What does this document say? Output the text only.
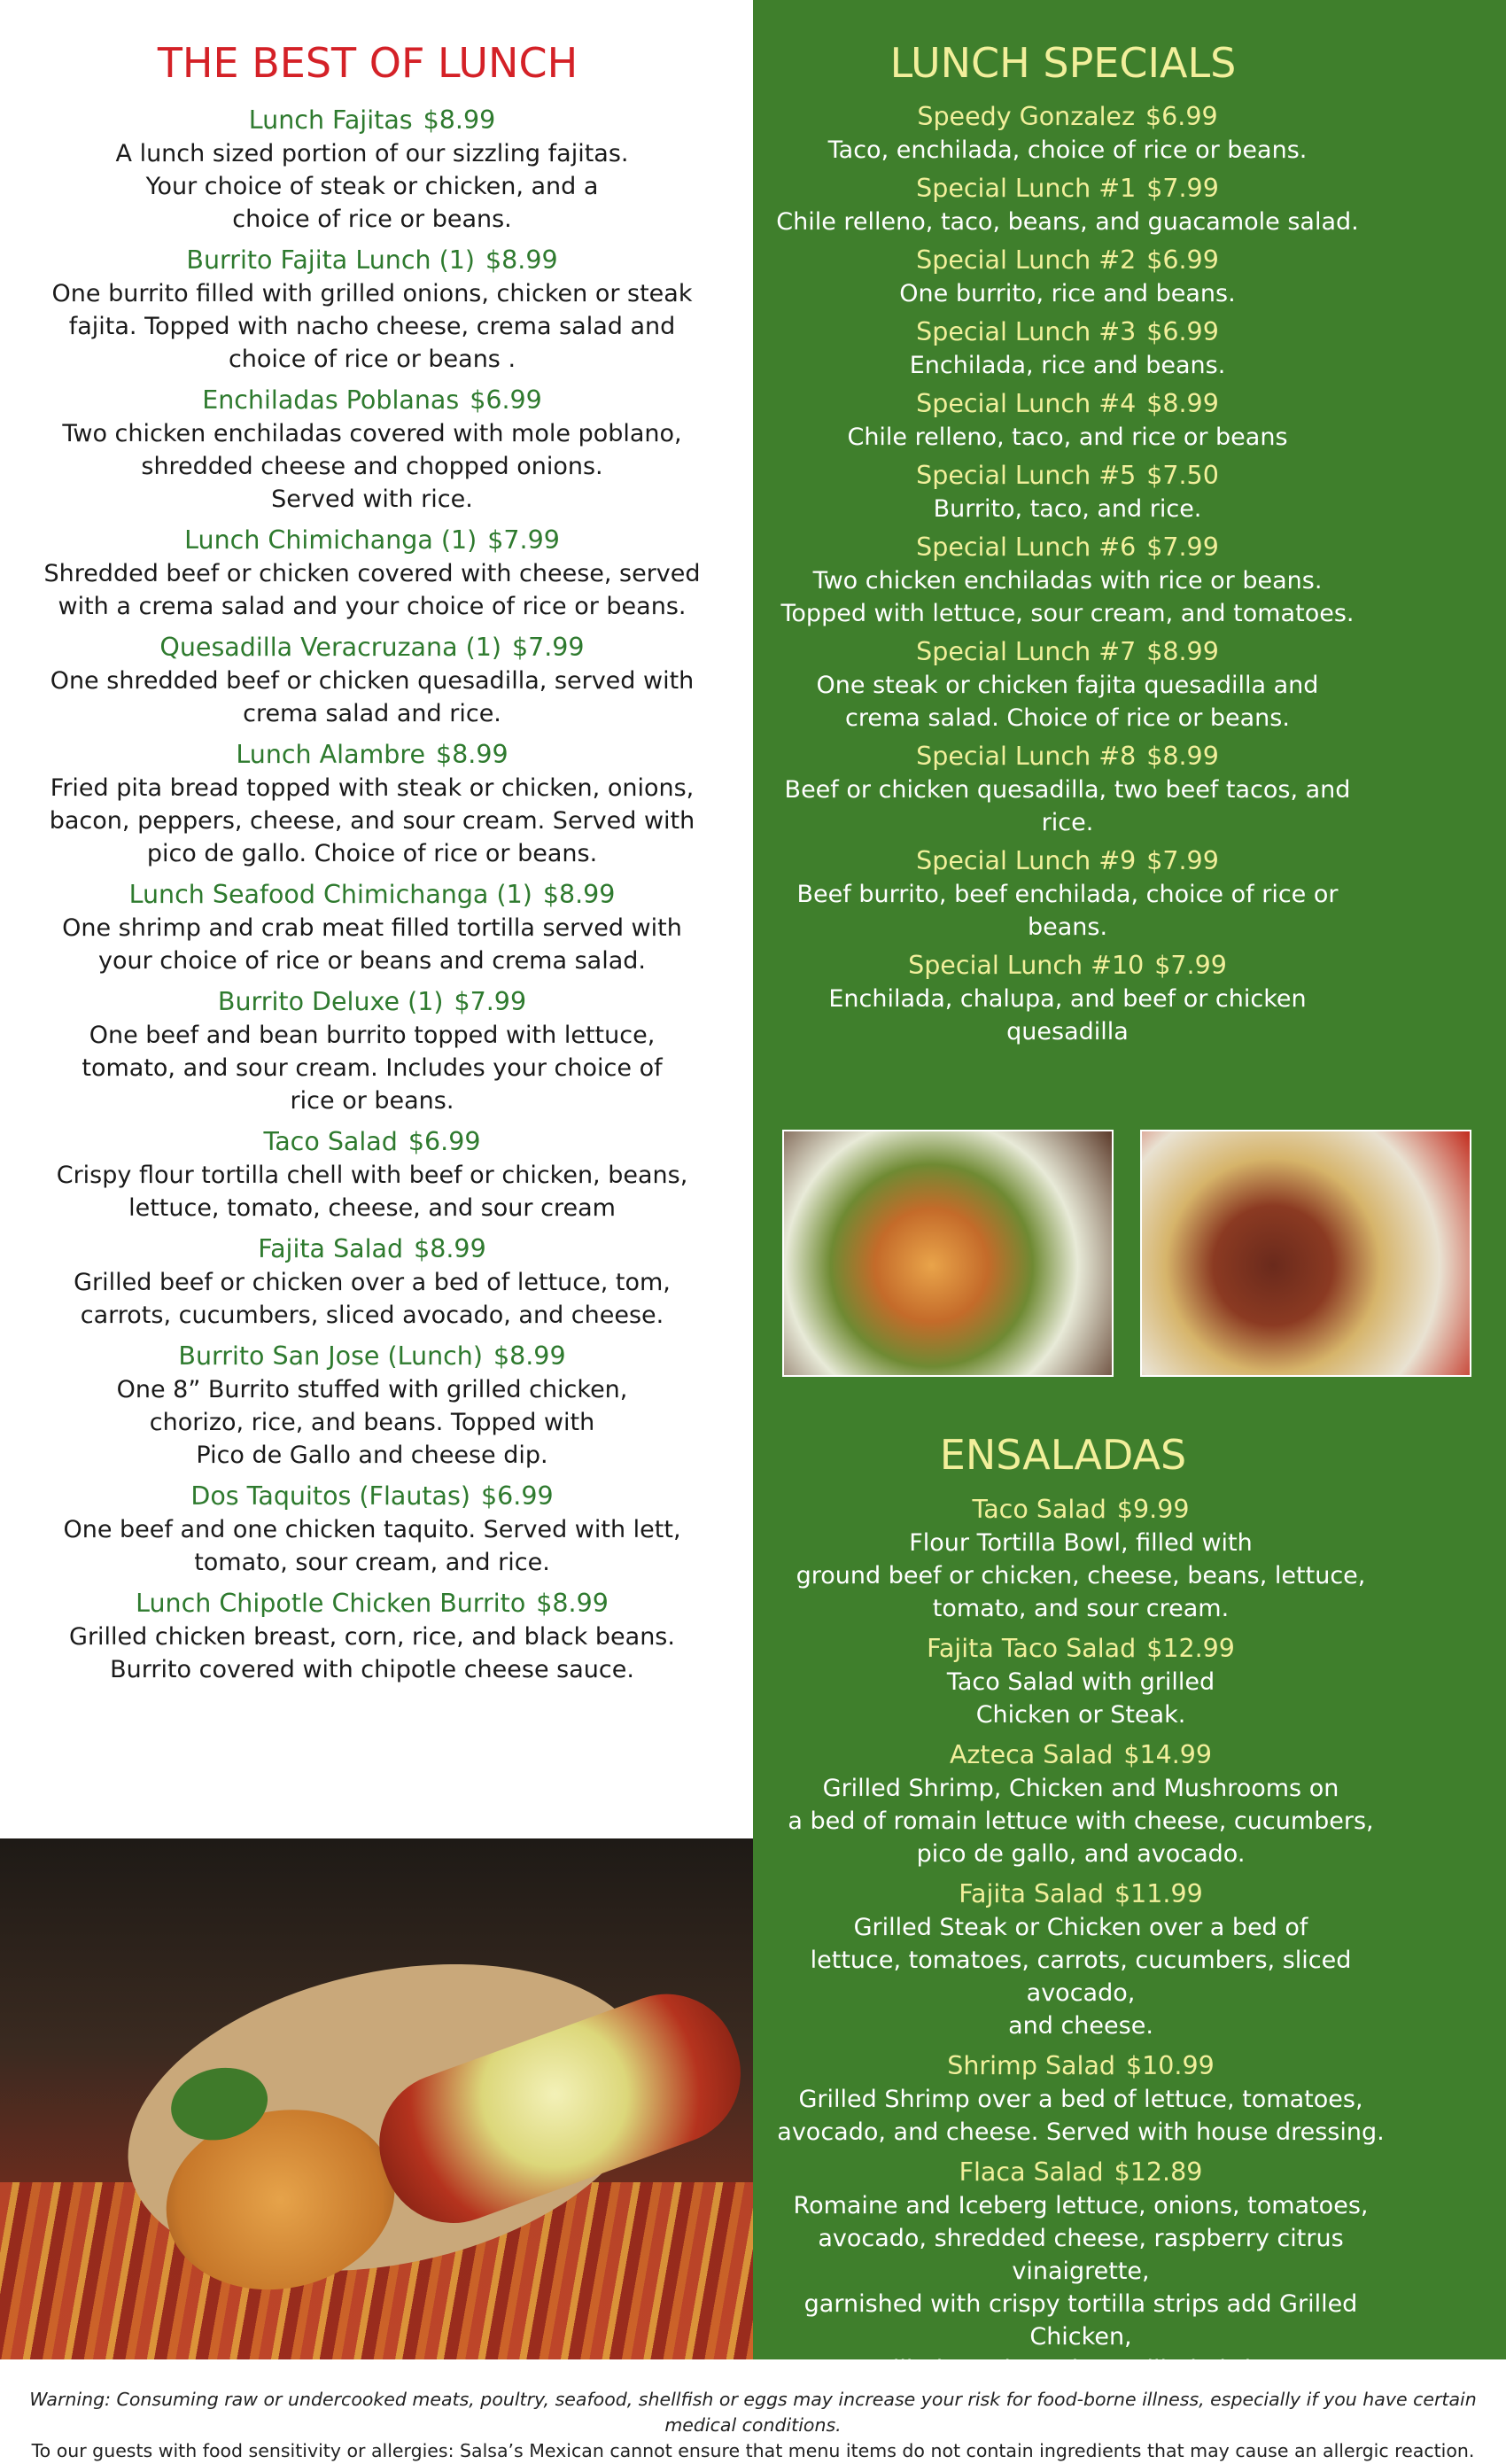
THE BEST OF LUNCH
Lunch Fajitas $8.99
A lunch sized portion of our sizzling fajitas.
Your choice of steak or chicken, and a
choice of rice or beans.
Burrito Fajita Lunch (1) $8.99
One burrito filled with grilled onions, chicken or steak
fajita. Topped with nacho cheese, crema salad and
choice of rice or beans .
Enchiladas Poblanas $6.99
Two chicken enchiladas covered with mole poblano,
shredded cheese and chopped onions.
Served with rice.
Lunch Chimichanga (1) $7.99
Shredded beef or chicken covered with cheese, served
with a crema salad and your choice of rice or beans.
Quesadilla Veracruzana (1) $7.99
One shredded beef or chicken quesadilla, served with
crema salad and rice.
Lunch Alambre $8.99
Fried pita bread topped with steak or chicken, onions,
bacon, peppers, cheese, and sour cream. Served with
pico de gallo. Choice of rice or beans.
Lunch Seafood Chimichanga (1) $8.99
One shrimp and crab meat filled tortilla served with
your choice of rice or beans and crema salad.
Burrito Deluxe (1) $7.99
One beef and bean burrito topped with lettuce,
tomato, and sour cream. Includes your choice of
rice or beans.
Taco Salad $6.99
Crispy flour tortilla chell with beef or chicken, beans,
lettuce, tomato, cheese, and sour cream
Fajita Salad $8.99
Grilled beef or chicken over a bed of lettuce, tom,
carrots, cucumbers, sliced avocado, and cheese.
Burrito San Jose (Lunch) $8.99
One 8” Burrito stuffed with grilled chicken,
chorizo, rice, and beans. Topped with
Pico de Gallo and cheese dip.
Dos Taquitos (Flautas) $6.99
One beef and one chicken taquito. Served with lett,
tomato, sour cream, and rice.
Lunch Chipotle Chicken Burrito $8.99
Grilled chicken breast, corn, rice, and black beans.
Burrito covered with chipotle cheese sauce.
LUNCH SPECIALS
Speedy Gonzalez $6.99
Taco, enchilada, choice of rice or beans.
Special Lunch #1 $7.99
Chile relleno, taco, beans, and guacamole salad.
Special Lunch #2 $6.99
One burrito, rice and beans.
Special Lunch #3 $6.99
Enchilada, rice and beans.
Special Lunch #4 $8.99
Chile relleno, taco, and rice or beans
Special Lunch #5 $7.50
Burrito, taco, and rice.
Special Lunch #6 $7.99
Two chicken enchiladas with rice or beans.
Topped with lettuce, sour cream, and tomatoes.
Special Lunch #7 $8.99
One steak or chicken fajita quesadilla and
crema salad. Choice of rice or beans.
Special Lunch #8 $8.99
Beef or chicken quesadilla, two beef tacos, and rice.
Special Lunch #9 $7.99
Beef burrito, beef enchilada, choice of rice or beans.
Special Lunch #10 $7.99
Enchilada, chalupa, and beef or chicken quesadilla
ENSALADAS
Taco Salad $9.99
Flour Tortilla Bowl, filled with
ground beef or chicken, cheese, beans, lettuce,
tomato, and sour cream.
Fajita Taco Salad $12.99
Taco Salad with grilled
Chicken or Steak.
Azteca Salad $14.99
Grilled Shrimp, Chicken and Mushrooms on
a bed of romain lettuce with cheese, cucumbers,
pico de gallo, and avocado.
Fajita Salad $11.99
Grilled Steak or Chicken over a bed of
lettuce, tomatoes, carrots, cucumbers, sliced avocado,
and cheese.
Shrimp Salad $10.99
Grilled Shrimp over a bed of lettuce, tomatoes,
avocado, and cheese. Served with house dressing.
Flaca Salad $12.89
Romaine and Iceberg lettuce, onions, tomatoes,
avocado, shredded cheese, raspberry citrus vinaigrette,
garnished with crispy tortilla strips add Grilled Chicken,
Warning: Consuming raw or undercooked meats, poultry, seafood, shellfish or eggs may increase your risk for food-borne illness, especially if you have certain medical conditions.
To our guests with food sensitivity or allergies: Salsa’s Mexican cannot ensure that menu items do not contain ingredients that may cause an allergic reaction.
